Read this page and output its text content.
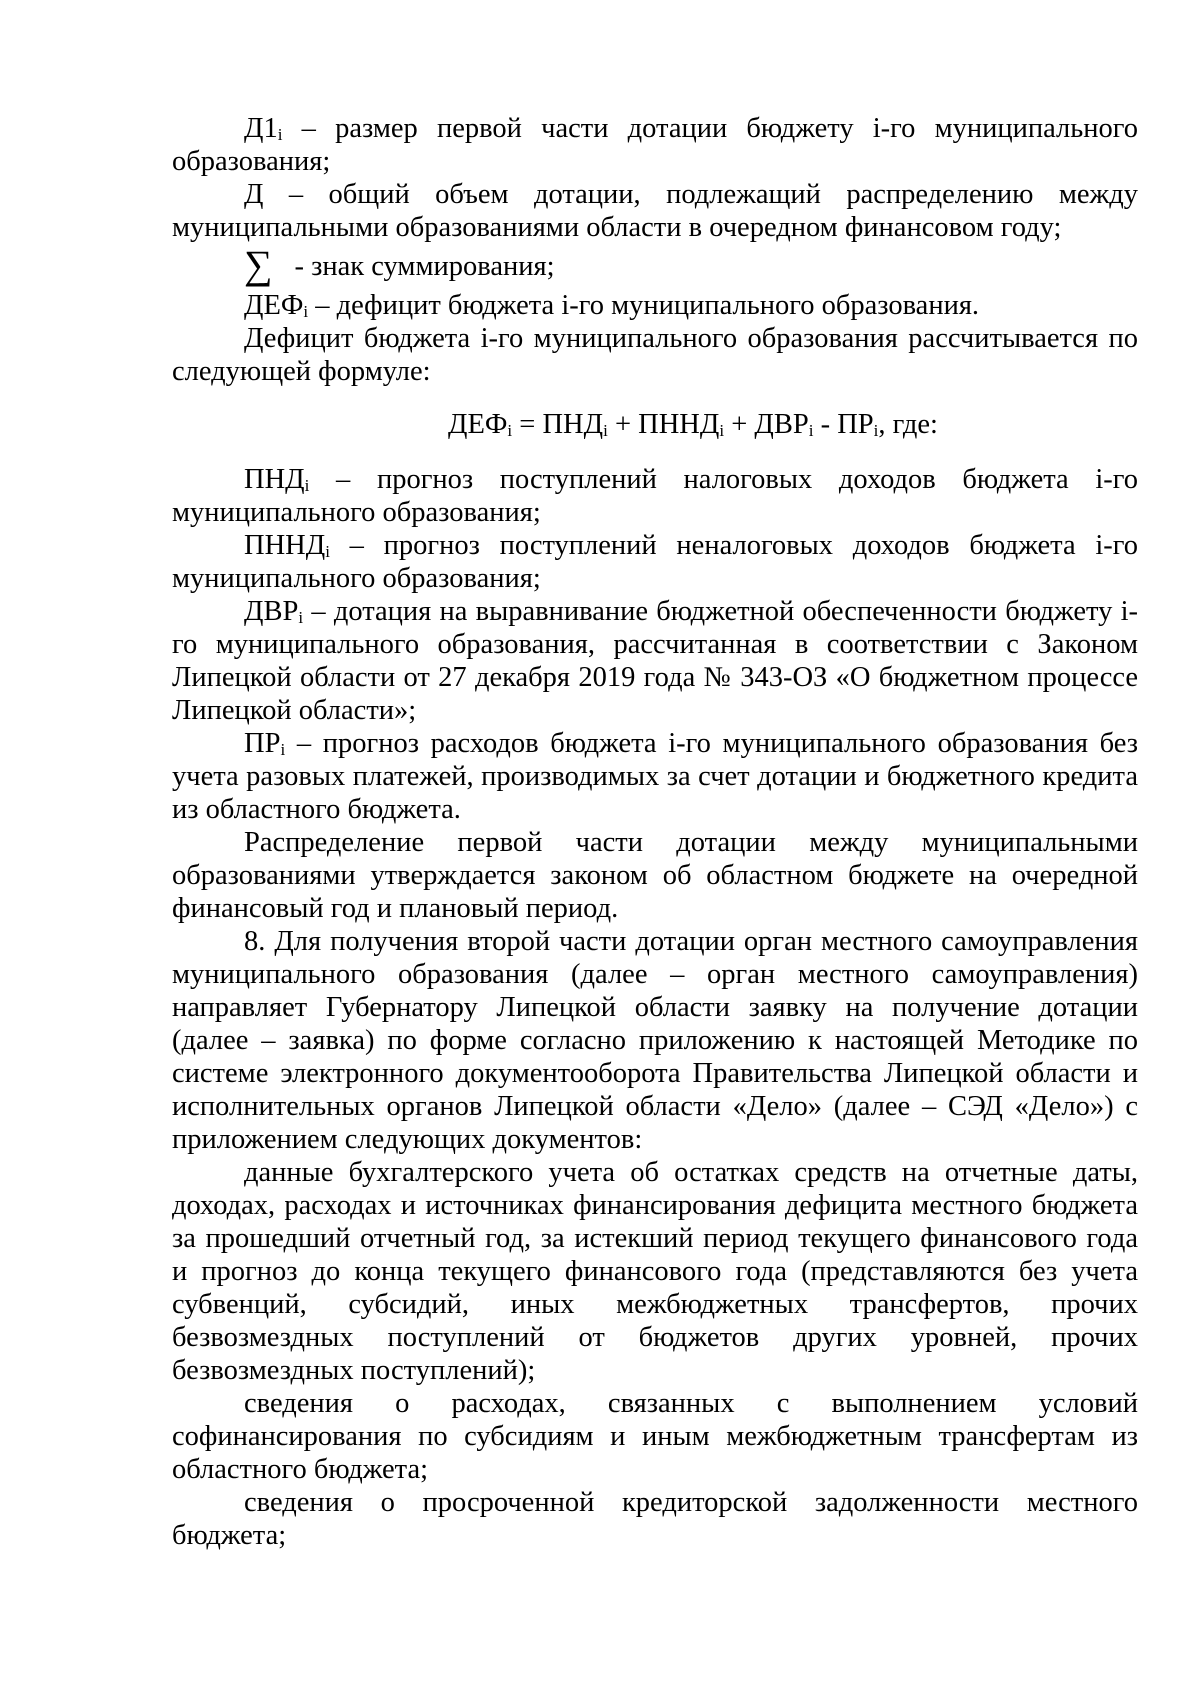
$Д1_i$ – размер первой части дотации бюджету i-го муниципального образования;

Д – общий объем дотации, подлежащий распределению между муниципальными образованиями области в очередном финансовом году;

∑ - знак суммирования;

$ДЕФ_i$ – дефицит бюджета i-го муниципального образования.

Дефицит бюджета i-го муниципального образования рассчитывается по следующей формуле:

$ДЕФ_i = ПНД_i$ + $ПННД_i + ДВР_i - ПР_i$, где:

$ПНД_i$ – прогноз поступлений налоговых доходов бюджета i-го муниципального образования;

$ПННД_i$ – прогноз поступлений неналоговых доходов бюджета i-го муниципального образования;

$ДВР_i$ – дотация на выравнивание бюджетной обеспеченности бюджету i-го муниципального образования, рассчитанная в соответствии с Законом Липецкой области от 27 декабря 2019 года № 343-ОЗ «О бюджетном процессе Липецкой области»;

$ПР_i$ – прогноз расходов бюджета i-го муниципального образования без учета разовых платежей, производимых за счет дотации и бюджетного кредита из областного бюджета.

Распределение первой части дотации между муниципальными образованиями утверждается законом об областном бюджете на очередной финансовый год и плановый период.

8. Для получения второй части дотации орган местного самоуправления муниципального образования (далее – орган местного самоуправления) направляет Губернатору Липецкой области заявку на получение дотации (далее – заявка) по форме согласно приложению к настоящей Методике по системе электронного документооборота Правительства Липецкой области и исполнительных органов Липецкой области «Дело» (далее – СЭД «Дело») с приложением следующих документов:

данные бухгалтерского учета об остатках средств на отчетные даты, доходах, расходах и источниках финансирования дефицита местного бюджета за прошедший отчетный год, за истекший период текущего финансового года и прогноз до конца текущего финансового года (представляются без учета субвенций, субсидий, иных межбюджетных трансфертов, прочих безвозмездных поступлений от бюджетов других уровней, прочих безвозмездных поступлений);

сведения о расходах, связанных с выполнением условий софинансирования по субсидиям и иным межбюджетным трансфертам из областного бюджета;

сведения о просроченной кредиторской задолженности местного бюджета;
